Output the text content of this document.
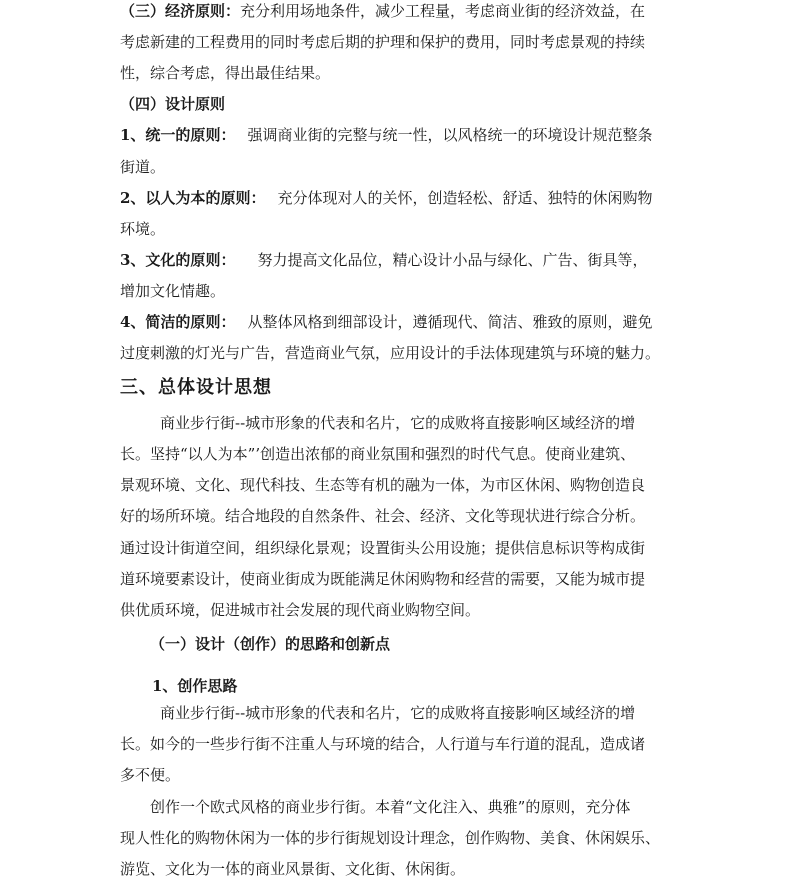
（三）经济原则：充分利用场地条件，减少工程量，考虑商业街的经济效益，在
考虑新建的工程费用的同时考虑后期的护理和保护的费用，同时考虑景观的持续
性，综合考虑，得出最佳结果。
（四）设计原则
1、统一的原则： 强调商业街的完整与统一性，以风格统一的环境设计规范整条
街道。
2、以人为本的原则： 充分体现对人的关怀，创造轻松、舒适、独特的休闲购物
环境。
3、文化的原则： 努力提高文化品位，精心设计小品与绿化、广告、街具等，
增加文化情趣。
4、简洁的原则： 从整体风格到细部设计，遵循现代、简洁、雅致的原则，避免
过度刺激的灯光与广告，营造商业气氛，应用设计的手法体现建筑与环境的魅力。
三、总体设计思想
商业步行街--城市形象的代表和名片，它的成败将直接影响区域经济的增
长。坚持“以人为本”’创造出浓郁的商业氛围和强烈的时代气息。使商业建筑、
景观环境、文化、现代科技、生态等有机的融为一体，为市区休闲、购物创造良
好的场所环境。结合地段的自然条件、社会、经济、文化等现状进行综合分析。
通过设计街道空间，组织绿化景观；设置街头公用设施；提供信息标识等构成街
道环境要素设计，使商业街成为既能满足休闲购物和经营的需要，又能为城市提
供优质环境，促进城市社会发展的现代商业购物空间。
（一）设计（创作）的思路和创新点
1、创作思路
商业步行街--城市形象的代表和名片，它的成败将直接影响区域经济的增
长。如今的一些步行街不注重人与环境的结合，人行道与车行道的混乱，造成诸
多不便。
创作一个欧式风格的商业步行街。本着“文化注入、典雅”的原则，充分体
现人性化的购物休闲为一体的步行街规划设计理念，创作购物、美食、休闲娱乐、
游览、文化为一体的商业风景街、文化街、休闲街。
